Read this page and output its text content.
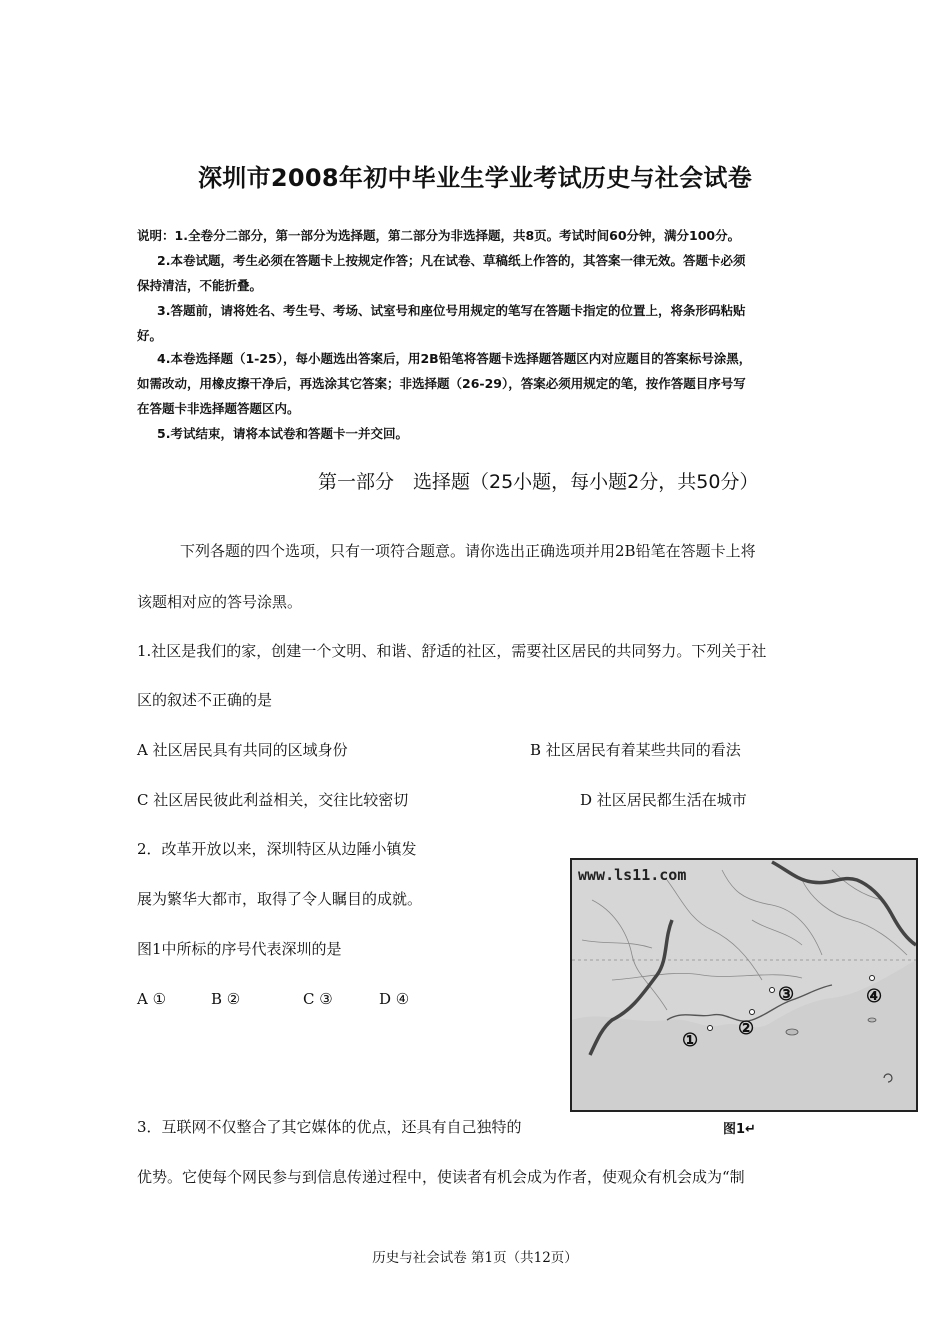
深圳市2008年初中毕业生学业考试历史与社会试卷
说明：1.全卷分二部分，第一部分为选择题，第二部分为非选择题，共8页。考试时间60分钟，满分100分。
2.本卷试题，考生必须在答题卡上按规定作答；凡在试卷、草稿纸上作答的，其答案一律无效。答题卡必须
保持清洁，不能折叠。
3.答题前，请将姓名、考生号、考场、试室号和座位号用规定的笔写在答题卡指定的位置上，将条形码粘贴
好。
4.本卷选择题（1-25），每小题选出答案后，用2B铅笔将答题卡选择题答题区内对应题目的答案标号涂黑，
如需改动，用橡皮擦干净后，再选涂其它答案；非选择题（26-29），答案必须用规定的笔，按作答题目序号写
在答题卡非选择题答题区内。
5.考试结束，请将本试卷和答题卡一并交回。
第一部分　选择题（25小题，每小题2分，共50分）
下列各题的四个选项，只有一项符合题意。请你选出正确选项并用2B铅笔在答题卡上将
该题相对应的答号涂黑。
1.社区是我们的家，创建一个文明、和谐、舒适的社区，需要社区居民的共同努力。下列关于社
区的叙述不正确的是
A 社区居民具有共同的区域身份	B 社区居民有着某些共同的看法
C 社区居民彼此利益相关，交往比较密切	D 社区居民都生活在城市
2．改革开放以来，深圳特区从边陲小镇发
展为繁华大都市，取得了令人瞩目的成就。
图1中所标的序号代表深圳的是
A ①	B ②	C ③	D ④
www.ls11.com
①
②
③	④
图1↵
3．互联网不仅整合了其它媒体的优点，还具有自己独特的
优势。它使每个网民参与到信息传递过程中，使读者有机会成为作者，使观众有机会成为“制
历史与社会试卷 第1页（共12页）
